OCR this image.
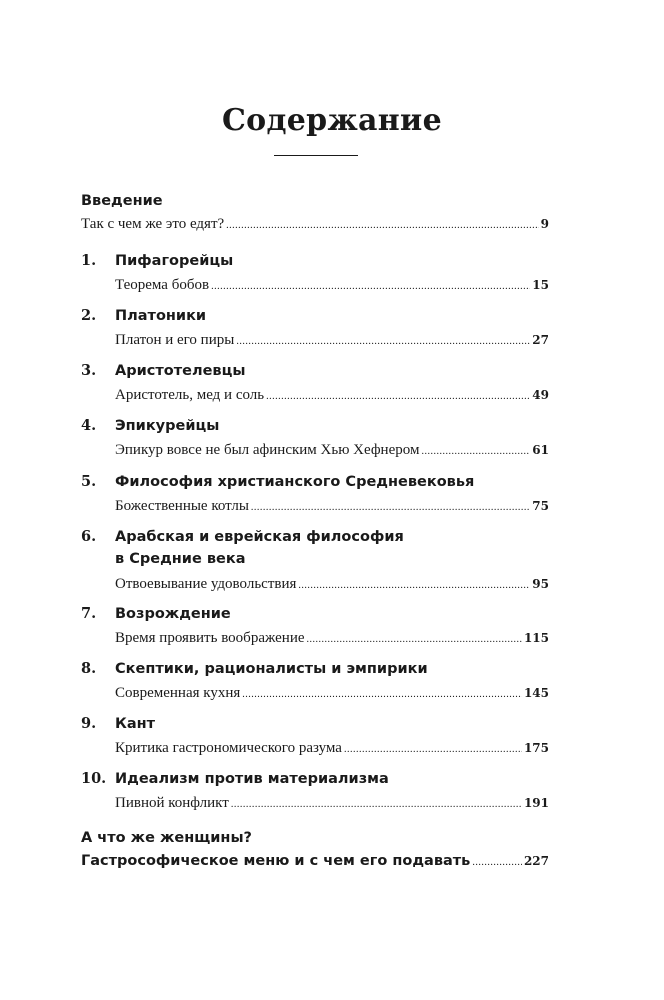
Содержание
Введение
Так с чем же это едят? .....	9
1. Пифагорейцы
Теорема бобов .....	15
2. Платоники
Платон и его пиры .....	27
3. Аристотелевцы
Аристотель, мед и соль .....	49
4. Эпикурейцы
Эпикур вовсе не был афинским Хью Хефнером .....	61
5. Философия христианского Средневековья
Божественные котлы .....	75
6. Арабская и еврейская философия
в Средние века
Отвоевывание удовольствия .....	95
7. Возрождение
Время проявить воображение .....	115
8. Скептики, рационалисты и эмпирики
Современная кухня .....	145
9. Кант
Критика гастрономического разума .....	175
10. Идеализм против материализма
Пивной конфликт .....	191
А что же женщины?
Гастрософическое меню и с чем его подавать .....	227
